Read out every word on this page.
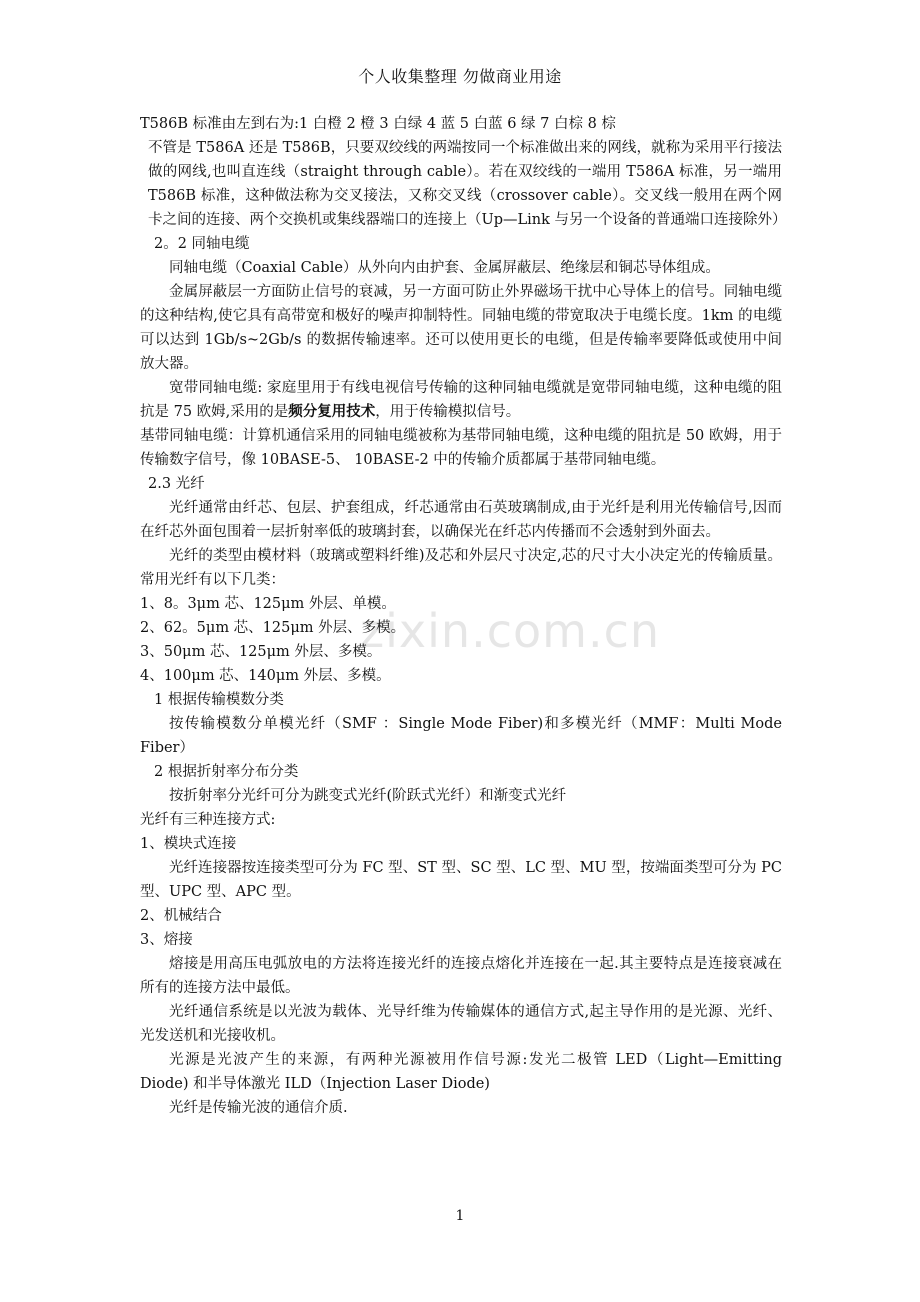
个人收集整理 勿做商业用途
zixin.com.cn

T586B 标准由左到右为:1 白橙 2 橙 3 白绿 4 蓝 5 白蓝 6 绿 7 白棕 8 棕

不管是 T586A 还是 T586B，只要双绞线的两端按同一个标准做出来的网线，就称为采用平行接法做的网线,也叫直连线（straight through cable）。若在双绞线的一端用 T586A 标准，另一端用 T586B 标准，这种做法称为交叉接法，又称交叉线（crossover cable）。交叉线一般用在两个网卡之间的连接、两个交换机或集线器端口的连接上（Up—Link 与另一个设备的普通端口连接除外）

2。2 同轴电缆

同轴电缆（Coaxial Cable）从外向内由护套、金属屏蔽层、绝缘层和铜芯导体组成。

金属屏蔽层一方面防止信号的衰减，另一方面可防止外界磁场干扰中心导体上的信号。同轴电缆的这种结构,使它具有高带宽和极好的噪声抑制特性。同轴电缆的带宽取决于电缆长度。1km 的电缆可以达到 1Gb/s~2Gb/s 的数据传输速率。还可以使用更长的电缆，但是传输率要降低或使用中间放大器。

宽带同轴电缆: 家庭里用于有线电视信号传输的这种同轴电缆就是宽带同轴电缆，这种电缆的阻抗是 75 欧姆,采用的是频分复用技术，用于传输模拟信号。

基带同轴电缆：计算机通信采用的同轴电缆被称为基带同轴电缆，这种电缆的阻抗是 50 欧姆，用于传输数字信号，像 10BASE-5、 10BASE-2 中的传输介质都属于基带同轴电缆。

2.3 光纤

光纤通常由纤芯、包层、护套组成，纤芯通常由石英玻璃制成,由于光纤是利用光传输信号,因而在纤芯外面包围着一层折射率低的玻璃封套，以确保光在纤芯内传播而不会透射到外面去。

光纤的类型由模材料（玻璃或塑料纤维)及芯和外层尺寸决定,芯的尺寸大小决定光的传输质量。常用光纤有以下几类：

1、8。3μm 芯、125μm 外层、单模。

2、62。5μm 芯、125μm 外层、多模。

3、50μm 芯、125μm 外层、多模。

4、100μm 芯、140μm 外层、多模。

1 根据传输模数分类

按传输模数分单模光纤（SMF ：Single Mode Fiber)和多模光纤（MMF：Multi Mode Fiber）

2 根据折射率分布分类

按折射率分光纤可分为跳变式光纤(阶跃式光纤）和渐变式光纤

光纤有三种连接方式:

1、模块式连接

光纤连接器按连接类型可分为 FC 型、ST 型、SC 型、LC 型、MU 型，按端面类型可分为 PC 型、UPC 型、APC 型。

2、机械结合

3、熔接

熔接是用高压电弧放电的方法将连接光纤的连接点熔化并连接在一起.其主要特点是连接衰减在所有的连接方法中最低。

光纤通信系统是以光波为载体、光导纤维为传输媒体的通信方式,起主导作用的是光源、光纤、光发送机和光接收机。

光源是光波产生的来源，有两种光源被用作信号源:发光二极管 LED（Light—Emitting Diode) 和半导体激光 ILD（Injection Laser Diode)

光纤是传输光波的通信介质.

1
